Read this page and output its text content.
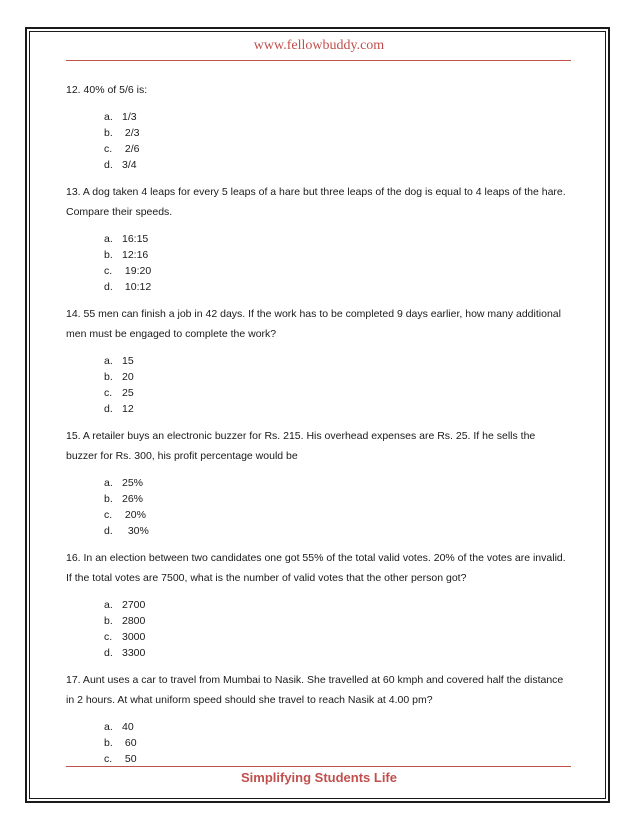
www.fellowbuddy.com

12. 40% of 5/6 is:

a. 1/3
b. 2/3
c. 2/6
d. 3/4

13. A dog taken 4 leaps for every 5 leaps of a hare but three leaps of the dog is equal to 4 leaps of the hare. Compare their speeds.

a. 16:15
b. 12:16
c. 19:20
d. 10:12

14. 55 men can finish a job in 42 days. If the work has to be completed 9 days earlier, how many additional men must be engaged to complete the work?

a. 15
b. 20
c. 25
d. 12

15. A retailer buys an electronic buzzer for Rs. 215. His overhead expenses are Rs. 25. If he sells the buzzer for Rs. 300, his profit percentage would be

a. 25%
b. 26%
c. 20%
d.  30%

16. In an election between two candidates one got 55% of the total valid votes. 20% of the votes are invalid. If the total votes are 7500, what is the number of valid votes that the other person got?

a. 2700
b. 2800
c. 3000
d. 3300

17. Aunt uses a car to travel from Mumbai to Nasik. She travelled at 60 kmph and covered half the distance in 2 hours. At what uniform speed should she travel to reach Nasik at 4.00 pm?

a. 40
b. 60
c. 50
Simplifying Students Life
